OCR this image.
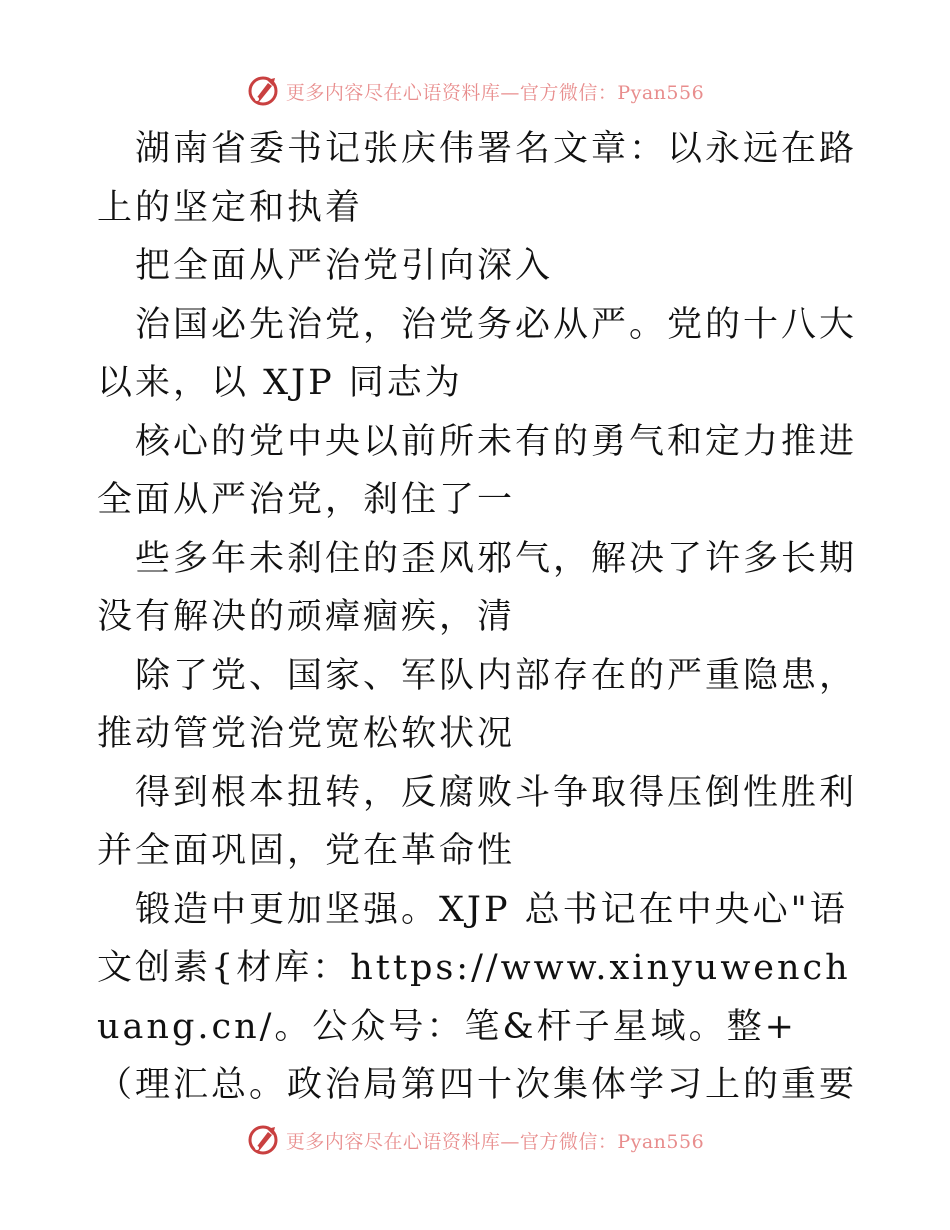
更多内容尽在心语资料库—官方微信：Pyan556

湖南省委书记张庆伟署名文章：以永远在路上的坚定和执着

把全面从严治党引向深入

治国必先治党，治党务必从严。党的十八大以来，以 XJP 同志为

核心的党中央以前所未有的勇气和定力推进全面从严治党，刹住了一

些多年未刹住的歪风邪气，解决了许多长期没有解决的顽瘴痼疾，清

除了党、国家、军队内部存在的严重隐患，推动管党治党宽松软状况

得到根本扭转，反腐败斗争取得压倒性胜利并全面巩固，党在革命性

锻造中更加坚强。XJP 总书记在中央心"语文创素{材库：https://www.xinyuwenchuang.cn/。公众号：笔&杆子星域。整+（理汇总。政治局第四十次集体学习上的重要

更多内容尽在心语资料库—官方微信：Pyan556
